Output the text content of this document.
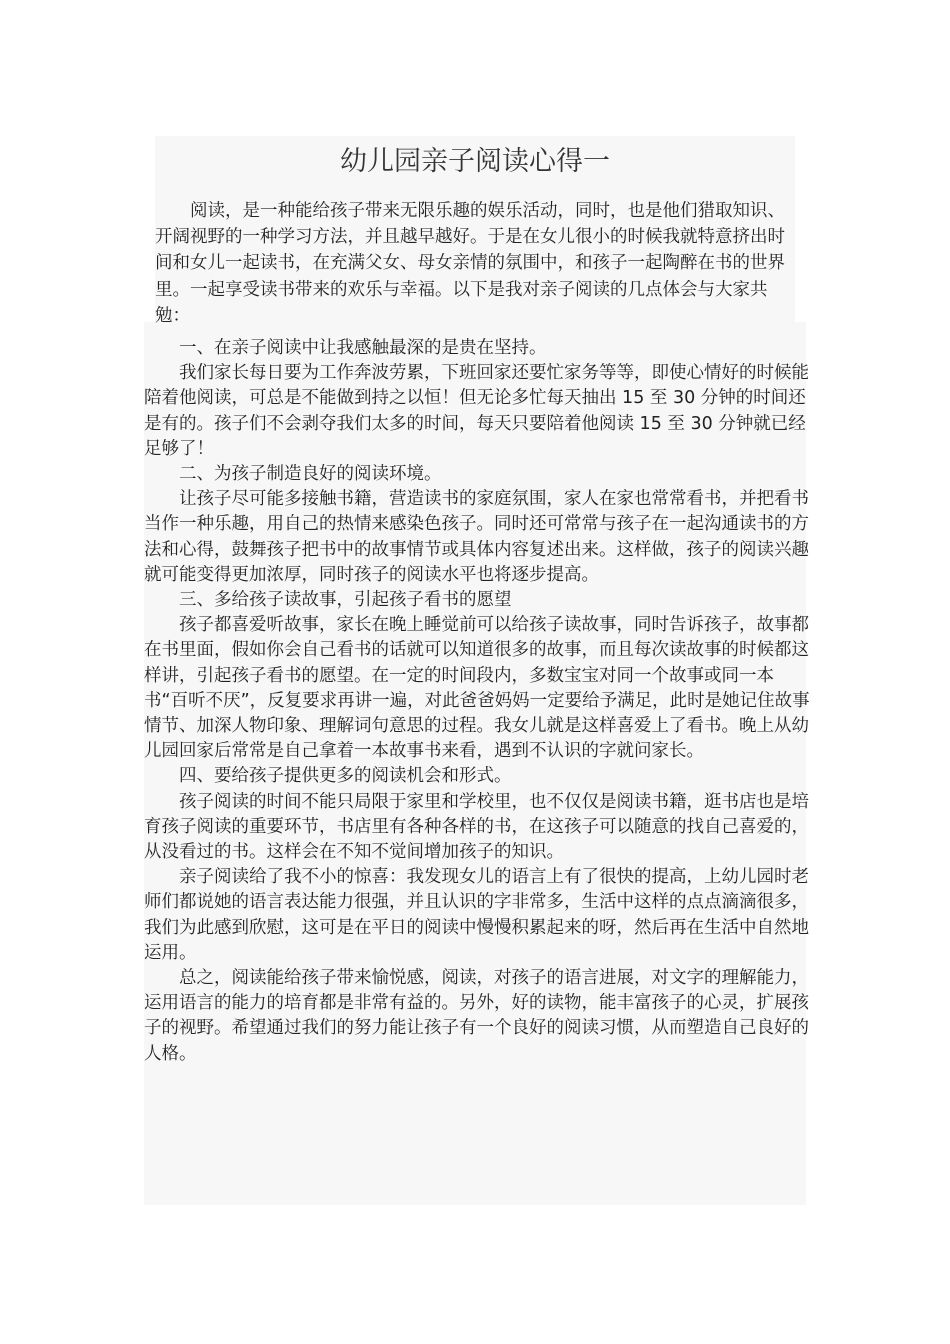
幼儿园亲子阅读心得一

阅读，是一种能给孩子带来无限乐趣的娱乐活动，同时，也是他们猎取知识、开阔视野的一种学习方法，并且越早越好。于是在女儿很小的时候我就特意挤出时间和女儿一起读书，在充满父女、母女亲情的氛围中，和孩子一起陶醉在书的世界里。一起享受读书带来的欢乐与幸福。以下是我对亲子阅读的几点体会与大家共勉：

一、在亲子阅读中让我感触最深的是贵在坚持。

我们家长每日要为工作奔波劳累，下班回家还要忙家务等等，即使心情好的时候能陪着他阅读，可总是不能做到持之以恒！但无论多忙每天抽出 15 至 30 分钟的时间还是有的。孩子们不会剥夺我们太多的时间，每天只要陪着他阅读 15 至 30 分钟就已经足够了！

二、为孩子制造良好的阅读环境。

让孩子尽可能多接触书籍，营造读书的家庭氛围，家人在家也常常看书，并把看书当作一种乐趣，用自己的热情来感染色孩子。同时还可常常与孩子在一起沟通读书的方法和心得，鼓舞孩子把书中的故事情节或具体内容复述出来。这样做，孩子的阅读兴趣就可能变得更加浓厚，同时孩子的阅读水平也将逐步提高。

三、多给孩子读故事，引起孩子看书的愿望

孩子都喜爱听故事，家长在晚上睡觉前可以给孩子读故事，同时告诉孩子，故事都在书里面，假如你会自己看书的话就可以知道很多的故事，而且每次读故事的时候都这样讲，引起孩子看书的愿望。在一定的时间段内，多数宝宝对同一个故事或同一本书“百听不厌”，反复要求再讲一遍，对此爸爸妈妈一定要给予满足，此时是她记住故事情节、加深人物印象、理解词句意思的过程。我女儿就是这样喜爱上了看书。晚上从幼儿园回家后常常是自己拿着一本故事书来看，遇到不认识的字就问家长。

四、要给孩子提供更多的阅读机会和形式。

孩子阅读的时间不能只局限于家里和学校里，也不仅仅是阅读书籍，逛书店也是培育孩子阅读的重要环节，书店里有各种各样的书，在这孩子可以随意的找自己喜爱的，从没看过的书。这样会在不知不觉间增加孩子的知识。

亲子阅读给了我不小的惊喜：我发现女儿的语言上有了很快的提高，上幼儿园时老师们都说她的语言表达能力很强，并且认识的字非常多，生活中这样的点点滴滴很多，我们为此感到欣慰，这可是在平日的阅读中慢慢积累起来的呀，然后再在生活中自然地运用。

总之，阅读能给孩子带来愉悦感，阅读，对孩子的语言进展，对文字的理解能力，运用语言的能力的培育都是非常有益的。另外，好的读物，能丰富孩子的心灵，扩展孩子的视野。希望通过我们的努力能让孩子有一个良好的阅读习惯，从而塑造自己良好的人格。
